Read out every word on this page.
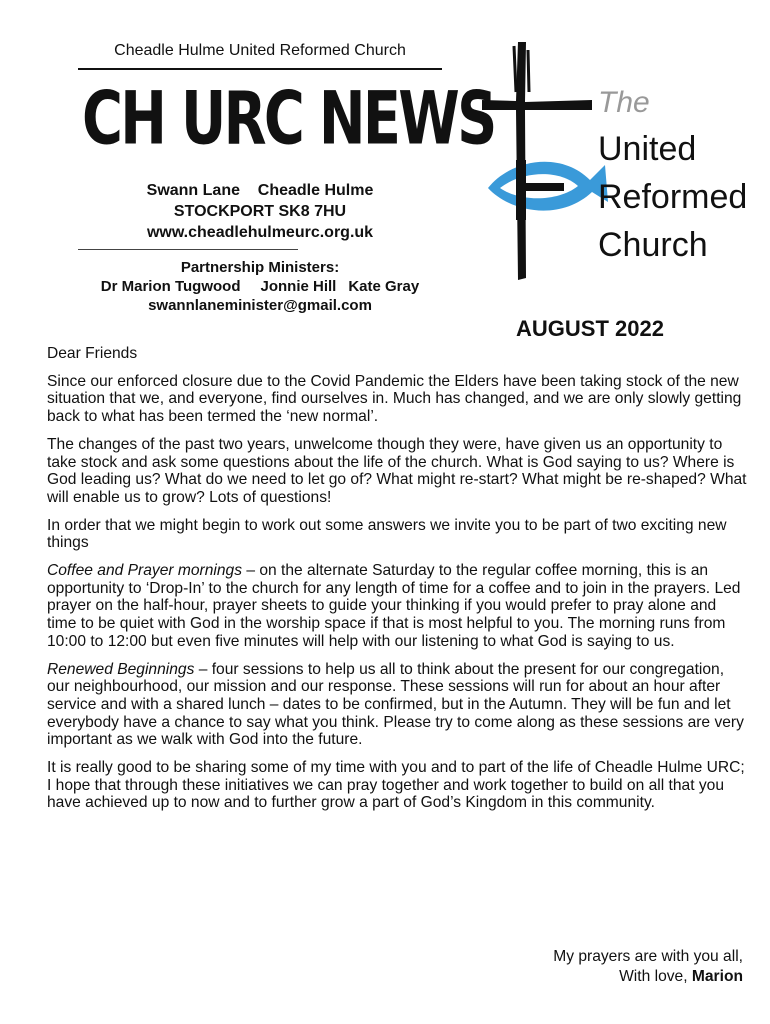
Cheadle Hulme United Reformed Church
CH URC NEWS
Swann Lane    Cheadle Hulme
STOCKPORT SK8 7HU
www.cheadlehulmeurc.org.uk
Partnership Ministers:
Dr Marion Tugwood Jonnie Hill Kate Gray
swannlaneminister@gmail.com
The
United
Reformed
Church
AUGUST 2022

Dear Friends

Since our enforced closure due to the Covid Pandemic the Elders have been taking stock of the new situation that we, and everyone, find ourselves in. Much has changed, and we are only slowly getting back to what has been termed the ‘new normal’.

The changes of the past two years, unwelcome though they were, have given us an opportunity to take stock and ask some questions about the life of the church. What is God saying to us? Where is God leading us? What do we need to let go of? What might re-start? What might be re-shaped? What will enable us to grow? Lots of questions!

In order that we might begin to work out some answers we invite you to be part of two exciting new things

Coffee and Prayer mornings – on the alternate Saturday to the regular coffee morning, this is an opportunity to ‘Drop-In’ to the church for any length of time for a coffee and to join in the prayers. Led prayer on the half-hour, prayer sheets to guide your thinking if you would prefer to pray alone and time to be quiet with God in the worship space if that is most helpful to you. The morning runs from 10:00 to 12:00 but even five minutes will help with our listening to what God is saying to us.

Renewed Beginnings – four sessions to help us all to think about the present for our congregation, our neighbourhood, our mission and our response. These sessions will run for about an hour after service and with a shared lunch – dates to be confirmed, but in the Autumn. They will be fun and let everybody have a chance to say what you think. Please try to come along as these sessions are very important as we walk with God into the future.

It is really good to be sharing some of my time with you and to part of the life of Cheadle Hulme URC; I hope that through these initiatives we can pray together and work together to build on all that you have achieved up to now and to further grow a part of God’s Kingdom in this community.

My prayers are with you all,
With love, Marion
